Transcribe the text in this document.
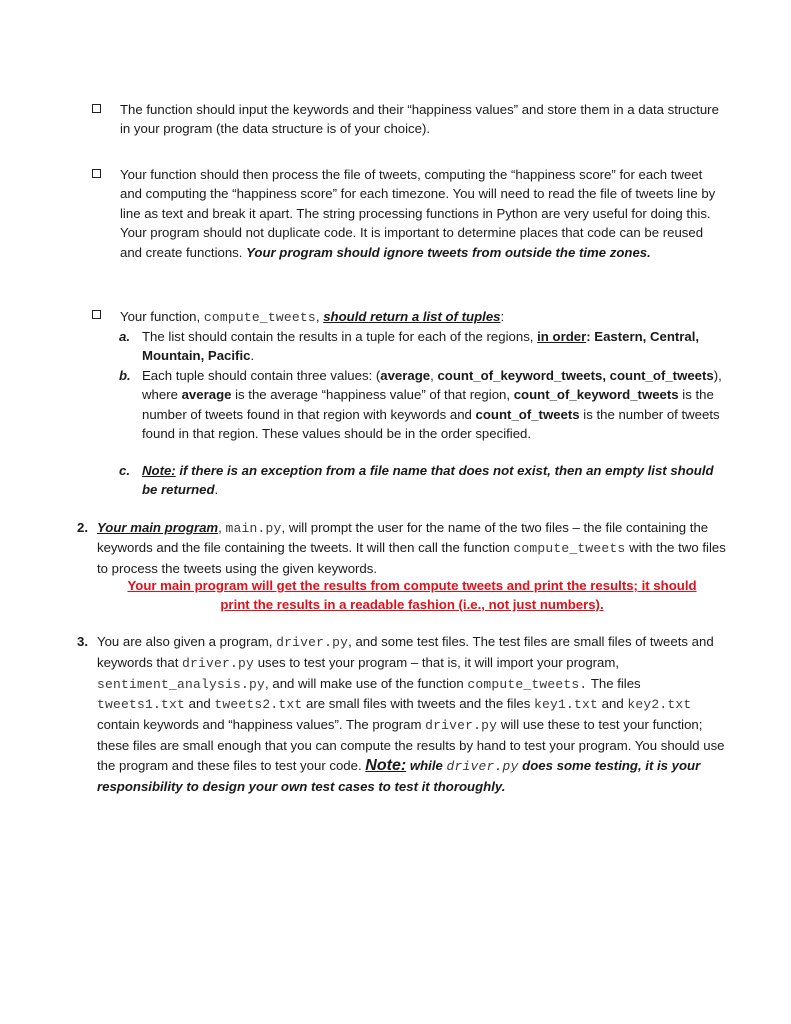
The function should input the keywords and their “happiness values” and store them in a data structure in your program (the data structure is of your choice).
Your function should then process the file of tweets, computing the “happiness score” for each tweet and computing the “happiness score” for each timezone. You will need to read the file of tweets line by line as text and break it apart. The string processing functions in Python are very useful for doing this. Your program should not duplicate code. It is important to determine places that code can be reused and create functions. Your program should ignore tweets from outside the time zones.
Your function, compute_tweets, should return a list of tuples:
a. The list should contain the results in a tuple for each of the regions, in order: Eastern, Central, Mountain, Pacific.
b. Each tuple should contain three values: (average, count_of_keyword_tweets, count_of_tweets), where average is the average “happiness value” of that region, count_of_keyword_tweets is the number of tweets found in that region with keywords and count_of_tweets is the number of tweets found in that region. These values should be in the order specified.
c. Note: if there is an exception from a file name that does not exist, then an empty list should be returned.
2. Your main program, main.py, will prompt the user for the name of the two files – the file containing the keywords and the file containing the tweets. It will then call the function compute_tweets with the two files to process the tweets using the given keywords.
Your main program will get the results from compute tweets and print the results; it should
print the results in a readable fashion (i.e., not just numbers).
3. You are also given a program, driver.py, and some test files. The test files are small files of tweets and keywords that driver.py uses to test your program – that is, it will import your program, sentiment_analysis.py, and will make use of the function compute_tweets. The files tweets1.txt and tweets2.txt are small files with tweets and the files key1.txt and key2.txt contain keywords and “happiness values”. The program driver.py will use these to test your function; these files are small enough that you can compute the results by hand to test your program. You should use the program and these files to test your code. Note: while driver.py does some testing, it is your responsibility to design your own test cases to test it thoroughly.
